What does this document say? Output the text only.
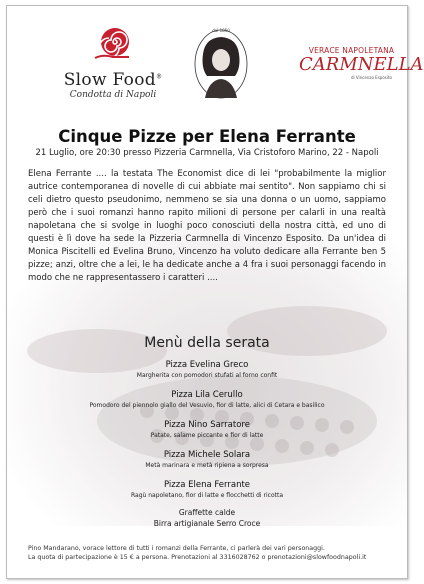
Slow Food®
Condotta di Napoli
dal 1850
VERACE NAPOLETANA
CARMNELLA
di Vincenzo Esposito
Cinque Pizze per Elena Ferrante
21 Luglio, ore 20:30 presso Pizzeria Carmnella, Via Cristoforo Marino, 22 - Napoli
Elena Ferrante .... la testata The Economist dice di lei "probabilmente la miglior autrice contemporanea di novelle di cui abbiate mai sentito". Non sappiamo chi si celi dietro questo pseudonimo, nemmeno se sia una donna o un uomo, sappiamo però che i suoi romanzi hanno rapito milioni di persone per calarli in una realtà napoletana che si svolge in luoghi poco conosciuti della nostra città, ed uno di questi è lì dove ha sede la Pizzeria Carmnella di Vincenzo Esposito. Da un'idea di Monica Piscitelli ed Evelina Bruno, Vincenzo ha voluto dedicare alla Ferrante ben 5 pizze; anzi, oltre che a lei, le ha dedicate anche a 4 fra i suoi personaggi facendo in modo che ne rappresentassero i caratteri ....
Menù della serata
Pizza Evelina Greco
Margherita con pomodori stufati al forno confit
Pizza Lila Cerullo
Pomodoro del piennolo giallo del Vesuvio, fior di latte, alici di Cetara e basilico
Pizza Nino Sarratore
Patate, salame piccante e fior di latte
Pizza Michele Solara
Metà marinara e metà ripiena a sorpresa
Pizza Elena Ferrante
Ragù napoletano, fior di latte e flocchetti di ricotta
Graffette calde
Birra artigianale Serro Croce
Pino Mandarano, vorace lettore di tutti i romanzi della Ferrante, ci parlerà dei vari personaggi.
La quota di partecipazione è 15 € a persona. Prenotazioni al 3316028762 o prenotazioni@slowfoodnapoli.it
